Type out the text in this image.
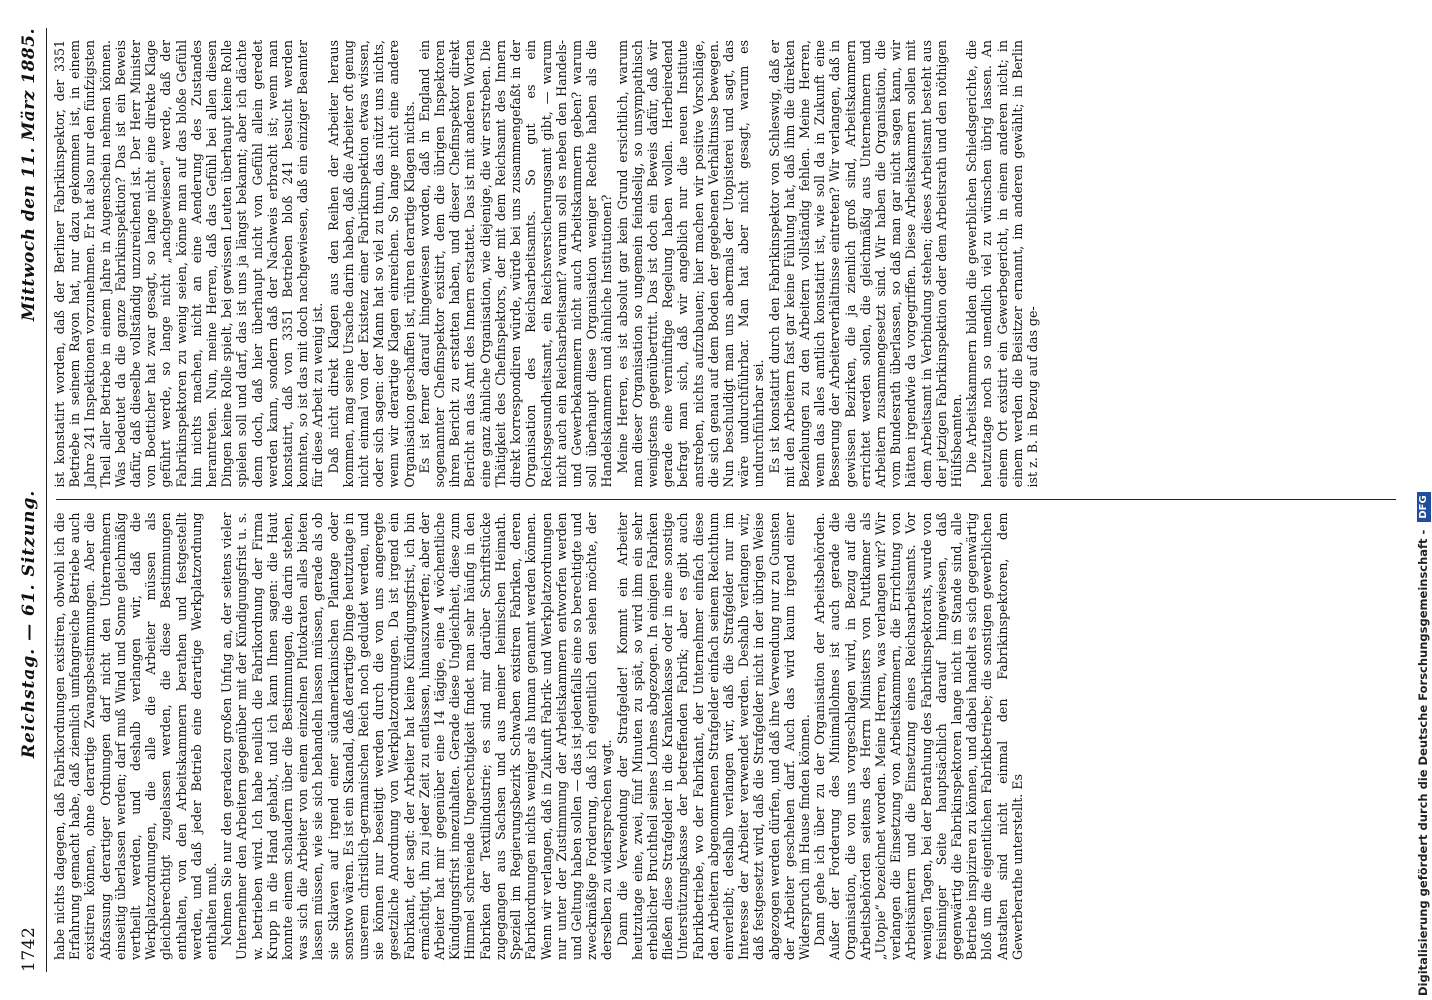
1742
Reichstag. — 61. Sitzung.
Mittwoch den 11. März 1885.

habe nichts dagegen, daß Fabrikordnungen existiren, obwohl ich die Erfahrung gemacht habe, daß ziemlich umfangreiche Betriebe auch existiren können, ohne derartige Zwangsbestimmungen. Aber die Abfassung derartiger Ordnungen darf nicht den Unternehmern einseitig überlassen werden; darf muß Wind und Sonne gleichmäßig vertheilt werden, und deshalb verlangen wir, daß die Werkplatzordnungen, die alle die Arbeiter müssen als gleichberechtigt zugelassen werden, die diese Bestimmungen enthalten, von den Arbeitskammern berathen und festgestellt werden, und daß jeder Betrieb eine derartige Werkplatzordnung enthalten muß. Nehmen Sie nur den geradezu großen Unfug an, der seitens vieler Unternehmer den Arbeitern gegenüber mit der Kündigungsfrist u. s. w. betrieben wird. Ich habe neulich die Fabrikordnung der Firma Krupp in die Hand gehabt, und ich kann Ihnen sagen: die Haut konnte einem schaudern über die Bestimmungen, die darin stehen, was sich die Arbeiter von einem einzelnen Plutokraten alles bieten lassen müssen, wie sie sich behandeln lassen müssen, gerade als ob sie Sklaven auf irgend einer südamerikanischen Plantage oder sonstwo wären. Es ist ein Skandal, daß derartige Dinge heutzutage in unserem christlich-germanischen Reich noch geduldet werden, und sie können nur beseitigt werden durch die von uns angeregte gesetzliche Anordnung von Werkplatzordnungen. Da ist irgend ein Fabrikant, der sagt: der Arbeiter hat keine Kündigungsfrist, ich bin ermächtigt, ihn zu jeder Zeit zu entlassen, hinauszuwerfen; aber der Arbeiter hat mir gegenüber eine 14 tägige, eine 4 wöchentliche Kündigungsfrist innezuhalten. Gerade diese Ungleichheit, diese zum Himmel schreiende Ungerechtigkeit findet man sehr häufig in den Fabriken der Textilindustrie; es sind mir darüber Schriftstücke zugegangen aus Sachsen und aus meiner heimischen Heimath. Speziell im Regierungsbezirk Schwaben existiren Fabriken, deren Fabrikordnungen nichts weniger als human genannt werden können. Wenn wir verlangen, daß in Zukunft Fabrik- und Werkplatzordnungen nur unter der Zustimmung der Arbeitskammern entworfen werden und Geltung haben sollen — das ist jedenfalls eine so berechtigte und zweckmäßige Forderung, daß ich eigentlich den sehen möchte, der derselben zu widersprechen wagt. Dann die Verwendung der Strafgelder! Kommt ein Arbeiter heutzutage eine, zwei, fünf Minuten zu spät, so wird ihm ein sehr erheblicher Bruchtheil seines Lohnes abgezogen. In einigen Fabriken fließen diese Strafgelder in die Krankenkasse oder in eine sonstige Unterstützungskasse der betreffenden Fabrik; aber es gibt auch Fabrikbetriebe, wo der Fabrikant, der Unternehmer einfach diese den Arbeitern abgenommenen Strafgelder einfach seinem Reichthum einverleibt; deshalb verlangen wir, daß die Strafgelder nur im Interesse der Arbeiter verwendet werden. Deshalb verlangen wir, daß festgesetzt wird, daß die Strafgelder nicht in der übrigen Weise abgezogen werden dürfen, und daß ihre Verwendung nur zu Gunsten der Arbeiter geschehen darf. Auch das wird kaum irgend einer Widerspruch im Hause finden können. Dann gehe ich über zu der Organisation der Arbeitsbehörden. Außer der Forderung des Minimallohnes ist auch gerade die Organisation, die von uns vorgeschlagen wird, in Bezug auf die Arbeitsbehörden seitens des Herrn Ministers von Puttkamer als „Utopie“ bezeichnet worden. Meine Herren, was verlangen wir? Wir verlangen die Einsetzung von Arbeitskammern, die Errichtung von Arbeitsämtern und die Einsetzung eines Reichsarbeitsamts. Vor wenigen Tagen, bei der Berathung des Fabrikinspektorats, wurde von freisinniger Seite hauptsächlich darauf hingewiesen, daß gegenwärtig die Fabrikinspektoren lange nicht im Stande sind, alle Betriebe inspiziren zu können, und dabei handelt es sich gegenwärtig bloß um die eigentlichen Fabrikbetriebe; die sonstigen gewerblichen Anstalten sind nicht einmal den Fabrikinspektoren, dem Gewerberathe unterstellt. Es

ist konstatirt worden, daß der Berliner Fabrikinspektor, der 3351 Betriebe in seinem Rayon hat, nur dazu gekommen ist, in einem Jahre 241 Inspektionen vorzunehmen. Er hat also nur den fünfzigsten Theil aller Betriebe in einem Jahre in Augenschein nehmen können. Was bedeutet da die ganze Fabrikinspektion? Das ist ein Beweis dafür, daß dieselbe vollständig unzureichend ist. Der Herr Minister von Boetticher hat zwar gesagt, so lange nicht eine direkte Klage geführt werde, so lange nicht „nachgewiesen“ werde, daß der Fabrikinspektoren zu wenig seien, könne man auf das bloße Gefühl hin nichts machen, nicht an eine Aenderung des Zustandes herantreten. Nun, meine Herren, daß das Gefühl bei allen diesen Dingen keine Rolle spielt, bei gewissen Leuten überhaupt keine Rolle spielen soll und darf, das ist uns ja längst bekannt; aber ich dächte denn doch, daß hier überhaupt nicht von Gefühl allein geredet werden kann, sondern daß der Nachweis erbracht ist; wenn man konstatirt, daß von 3351 Betrieben bloß 241 besucht werden konnten, so ist das mit doch nachgewiesen, daß ein einziger Beamter für diese Arbeit zu wenig ist. Daß nicht direkt Klagen aus den Reihen der Arbeiter heraus kommen, mag seine Ursache darin haben, daß die Arbeiter oft genug nicht einmal von der Existenz einer Fabrikinspektion etwas wissen, oder sich sagen: der Mann hat so viel zu thun, das nützt uns nichts, wenn wir derartige Klagen einreichen. So lange nicht eine andere Organisation geschaffen ist, rühren derartige Klagen nichts. Es ist ferner darauf hingewiesen worden, daß in England ein sogenannter Chefinspektor existirt, dem die übrigen Inspektoren ihren Bericht zu erstatten haben, und dieser Chefinspektor direkt Bericht an das Amt des Innern erstattet. Das ist mit anderen Worten eine ganz ähnliche Organisation, wie diejenige, die wir erstreben. Die Thätigkeit des Chefinspektors, der mit dem Reichsamt des Innern direkt korrespondiren würde, würde bei uns zusammengefaßt in der Organisation des Reichsarbeitsamts. So gut es ein Reichsgesundheitsamt, ein Reichsversicherungsamt gibt, — warum nicht auch ein Reichsarbeitsamt? warum soll es neben den Handels- und Gewerbekammern nicht auch Arbeitskammern geben? warum soll überhaupt diese Organisation weniger Rechte haben als die Handelskammern und ähnliche Institutionen? Meine Herren, es ist absolut gar kein Grund ersichtlich, warum man dieser Organisation so ungemein feindselig, so unsympathisch wenigstens gegenübertritt. Das ist doch ein Beweis dafür, daß wir gerade eine vernünftige Regelung haben wollen. Herbeiredend befragt man sich, daß wir angeblich nur die neuen Institute anstreben, nichts aufzubauen; hier machen wir positive Vorschläge, die sich genau auf dem Boden der gegebenen Verhältnisse bewegen. Nun beschuldigt man uns abermals der Utopisterei und sagt, das wäre undurchführbar. Man hat aber nicht gesagt, warum es undurchführbar sei. Es ist konstatirt durch den Fabrikinspektor von Schleswig, daß er mit den Arbeitern fast gar keine Fühlung hat, daß ihm die direkten Beziehungen zu den Arbeitern vollständig fehlen. Meine Herren, wenn das alles amtlich konstatirt ist, wie soll da in Zukunft eine Besserung der Arbeiterverhältnisse eintreten? Wir verlangen, daß in gewissen Bezirken, die ja ziemlich groß sind, Arbeitskammern errichtet werden sollen, die gleichmäßig aus Unternehmern und Arbeitern zusammengesetzt sind. Wir haben die Organisation, die vom Bundesrath überlassen, so daß man gar nicht sagen kann, wir hätten irgendwie da vorgegriffen. Diese Arbeitskammern sollen mit dem Arbeitsamt in Verbindung stehen; dieses Arbeitsamt besteht aus der jetzigen Fabrikinspektion oder dem Arbeitsrath und den nöthigen Hülfsbeamten. Die Arbeitskammern bilden die gewerblichen Schiedsgerichte, die heutzutage noch so unendlich viel zu wünschen übrig lassen. An einem Ort existirt ein Gewerbegericht, in einem anderen nicht; in einem werden die Beisitzer ernannt, im anderen gewählt; in Berlin ist z. B. in Bezug auf das ge-

Digitalisierung gefördert durch die Deutsche Forschungsgemeinschaft - DFG
